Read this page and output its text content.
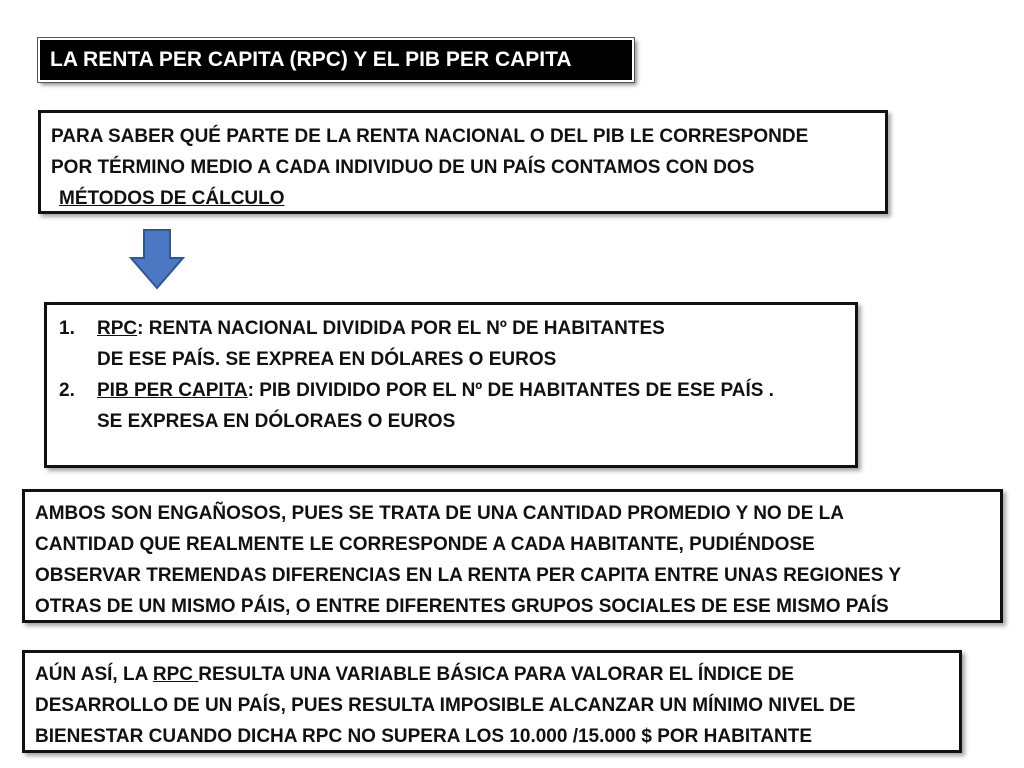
LA RENTA PER CAPITA (RPC) Y EL PIB PER CAPITA
PARA SABER QUÉ PARTE DE LA RENTA NACIONAL O DEL PIB LE CORRESPONDE
POR TÉRMINO MEDIO A CADA INDIVIDUO DE UN PAÍS CONTAMOS CON DOS
MÉTODOS DE CÁLCULO
1. RPC: RENTA NACIONAL DIVIDIDA POR EL Nº DE HABITANTES
DE ESE PAÍS. SE EXPREA EN DÓLARES O EUROS
2. PIB PER CAPITA: PIB DIVIDIDO POR EL Nº DE HABITANTES DE ESE PAÍS .
SE EXPRESA EN DÓLORAES O EUROS
AMBOS SON ENGAÑOSOS, PUES SE TRATA DE UNA CANTIDAD PROMEDIO Y NO DE LA
CANTIDAD QUE REALMENTE LE CORRESPONDE A CADA HABITANTE, PUDIÉNDOSE
OBSERVAR TREMENDAS DIFERENCIAS EN LA RENTA PER CAPITA ENTRE UNAS REGIONES Y
OTRAS DE UN MISMO PÁIS, O ENTRE DIFERENTES GRUPOS SOCIALES DE ESE MISMO PAÍS
AÚN ASÍ, LA RPC RESULTA UNA VARIABLE BÁSICA PARA VALORAR EL ÍNDICE DE
DESARROLLO DE UN PAÍS, PUES RESULTA IMPOSIBLE ALCANZAR UN MÍNIMO NIVEL DE
BIENESTAR CUANDO DICHA RPC NO SUPERA LOS 10.000 /15.000 $ POR HABITANTE
